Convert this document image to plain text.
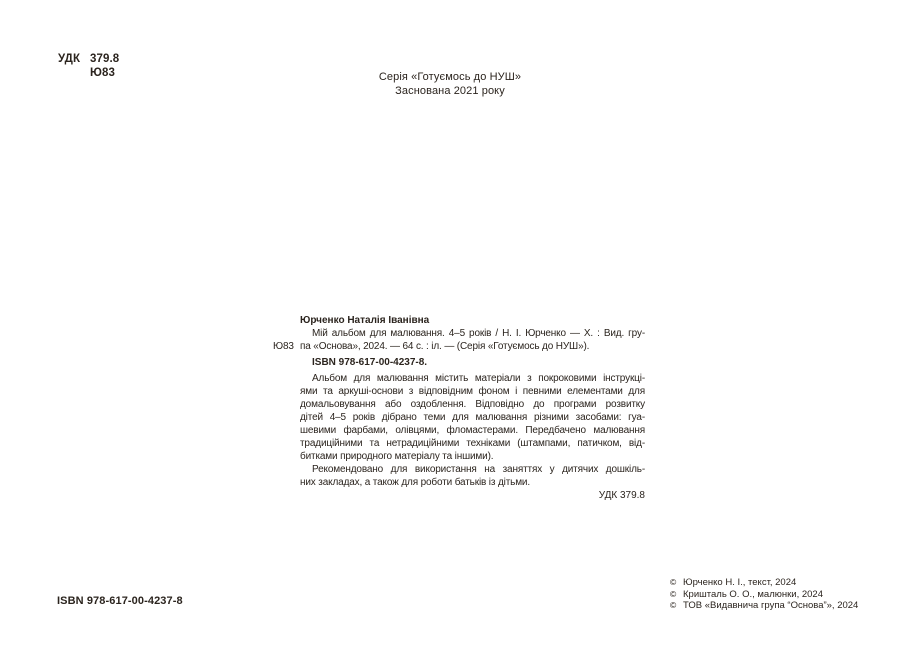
УДК 379.8
Ю83	Серія «Готуємось до НУШ»
Заснована 2021 року
Ю83
Юрченко Наталія Іванівна
Мій альбом для малювання. 4–5 років / Н. І. Юрченко — Х. : Вид. гру-
па «Основа», 2024. — 64 с. : іл. — (Серія «Готуємось до НУШ»).
ISBN 978-617-00-4237-8.
Альбом для малювання містить матеріали з покроковими інструкці-
ями та аркуші-основи з відповідним фоном і певними елементами для
домальовування або оздоблення. Відповідно до програми розвитку
дітей 4–5 років дібрано теми для малювання різними засобами: гуа-
шевими фарбами, олівцями, фломастерами. Передбачено малювання
традиційними та нетрадиційними техніками (штампами, патичком, від-
битками природного матеріалу та іншими).
Рекомендовано для використання на заняттях у дитячих дошкіль-
них закладах, а також для роботи батьків із дітьми.
УДК 379.8
ISBN 978-617-00-4237-8
© Юрченко Н. І., текст, 2024
© Кришталь О. О., малюнки, 2024
© ТОВ «Видавнича група “Основа”», 2024
